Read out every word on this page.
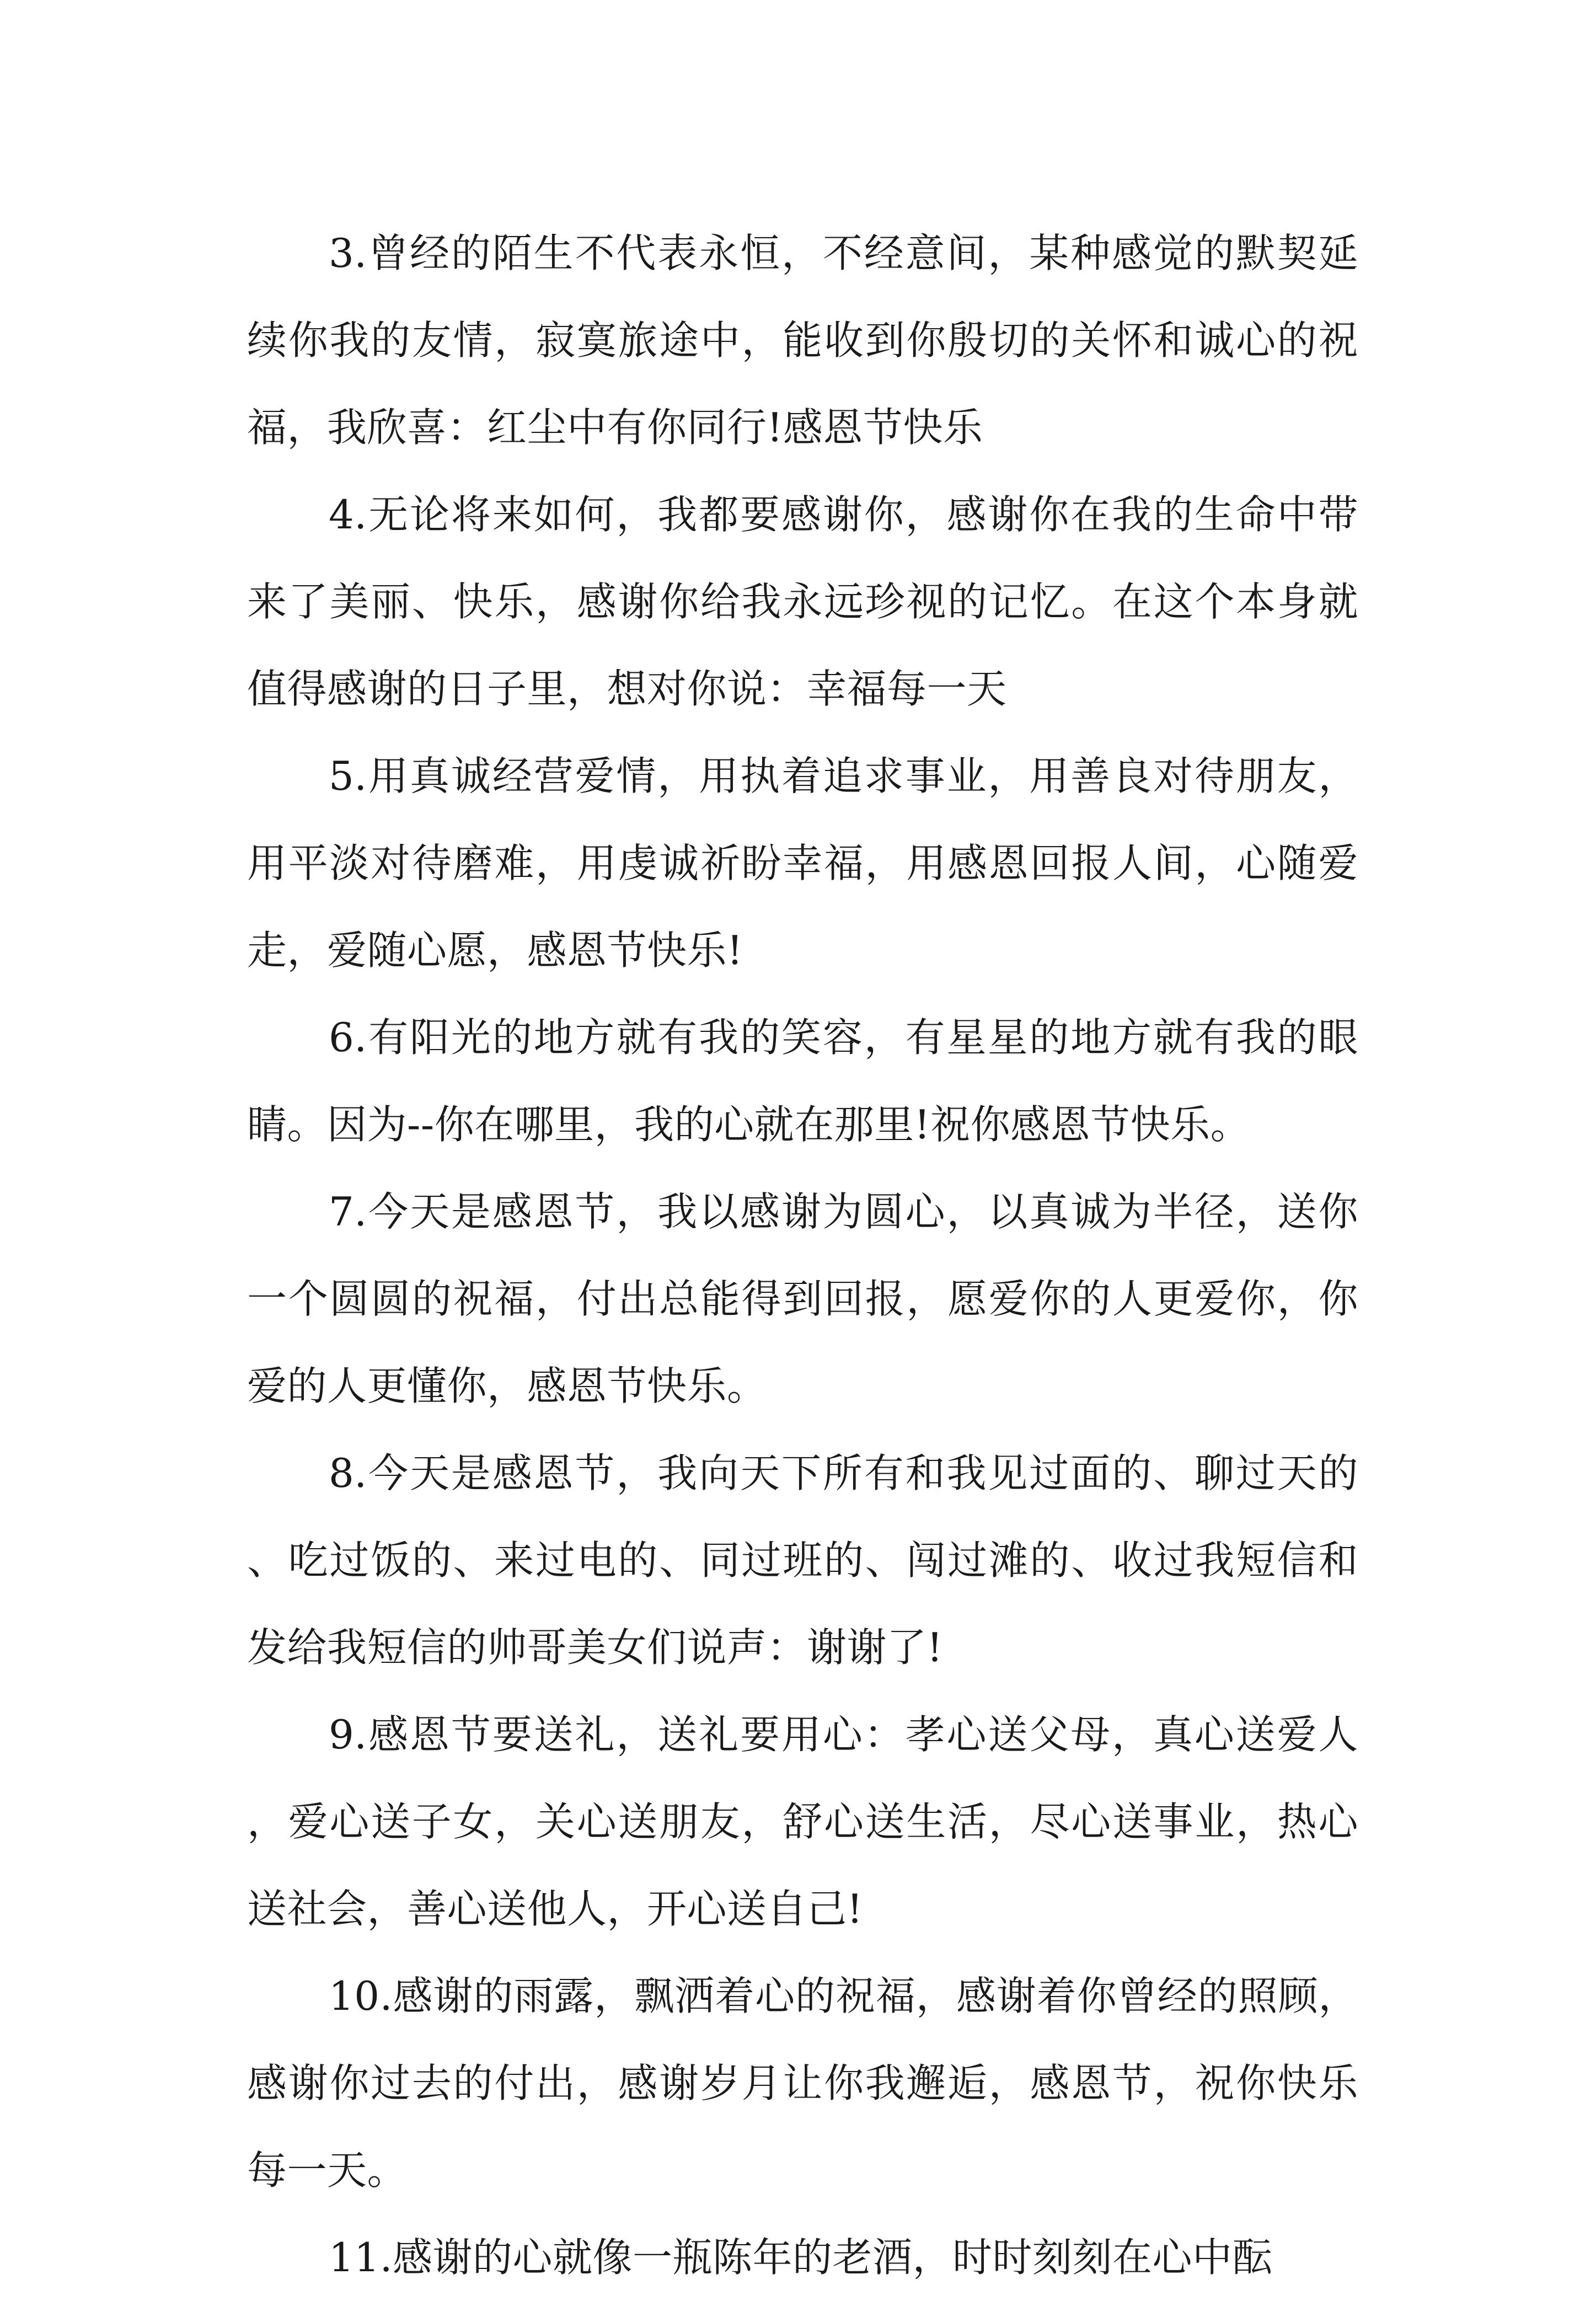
3.曾经的陌生不代表永恒，不经意间，某种感觉的默契延续你我的友情，寂寞旅途中，能收到你殷切的关怀和诚心的祝福，我欣喜：红尘中有你同行!感恩节快乐

4.无论将来如何，我都要感谢你，感谢你在我的生命中带来了美丽、快乐，感谢你给我永远珍视的记忆。在这个本身就值得感谢的日子里，想对你说：幸福每一天

5.用真诚经营爱情，用执着追求事业，用善良对待朋友，用平淡对待磨难，用虔诚祈盼幸福，用感恩回报人间，心随爱走，爱随心愿，感恩节快乐!

6.有阳光的地方就有我的笑容，有星星的地方就有我的眼睛。因为--你在哪里，我的心就在那里!祝你感恩节快乐。

7.今天是感恩节，我以感谢为圆心，以真诚为半径，送你一个圆圆的祝福，付出总能得到回报，愿爱你的人更爱你，你爱的人更懂你，感恩节快乐。

8.今天是感恩节，我向天下所有和我见过面的、聊过天的、吃过饭的、来过电的、同过班的、闯过滩的、收过我短信和发给我短信的帅哥美女们说声：谢谢了!

9.感恩节要送礼，送礼要用心：孝心送父母，真心送爱人，爱心送子女，关心送朋友，舒心送生活，尽心送事业，热心送社会，善心送他人，开心送自己!

10.感谢的雨露，飘洒着心的祝福，感谢着你曾经的照顾，感谢你过去的付出，感谢岁月让你我邂逅，感恩节，祝你快乐每一天。

11.感谢的心就像一瓶陈年的老酒，时时刻刻在心中酝
